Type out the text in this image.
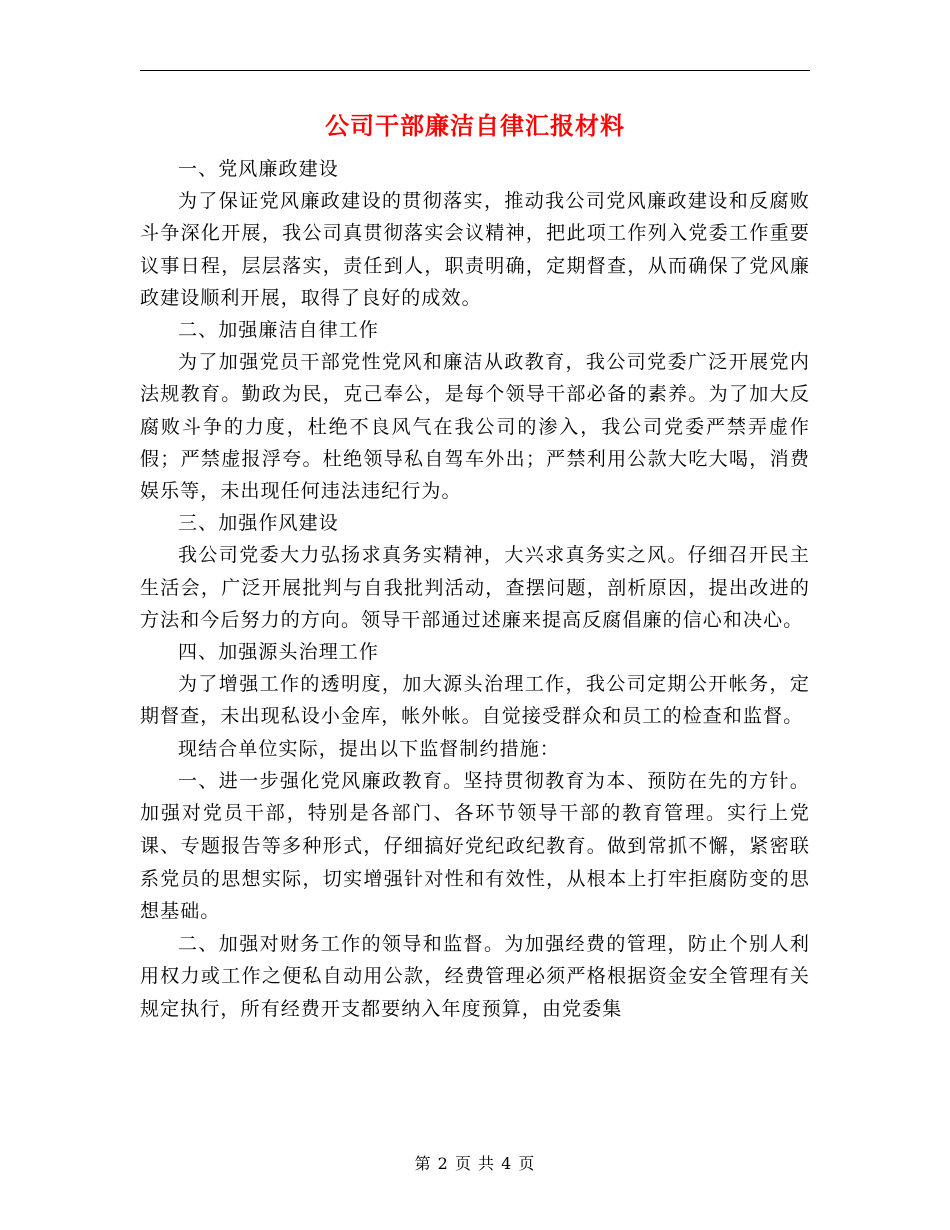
公司干部廉洁自律汇报材料

一、党风廉政建设

为了保证党风廉政建设的贯彻落实，推动我公司党风廉政建设和反腐败斗争深化开展，我公司真贯彻落实会议精神，把此项工作列入党委工作重要议事日程，层层落实，责任到人，职责明确，定期督查，从而确保了党风廉政建设顺利开展，取得了良好的成效。

二、加强廉洁自律工作

为了加强党员干部党性党风和廉洁从政教育，我公司党委广泛开展党内法规教育。勤政为民，克己奉公，是每个领导干部必备的素养。为了加大反腐败斗争的力度，杜绝不良风气在我公司的渗入，我公司党委严禁弄虚作假；严禁虚报浮夸。杜绝领导私自驾车外出；严禁利用公款大吃大喝，消费娱乐等，未出现任何违法违纪行为。

三、加强作风建设

我公司党委大力弘扬求真务实精神，大兴求真务实之风。仔细召开民主生活会，广泛开展批判与自我批判活动，查摆问题，剖析原因，提出改进的方法和今后努力的方向。领导干部通过述廉来提高反腐倡廉的信心和决心。

四、加强源头治理工作

为了增强工作的透明度，加大源头治理工作，我公司定期公开帐务，定期督查，未出现私设小金库，帐外帐。自觉接受群众和员工的检查和监督。

现结合单位实际，提出以下监督制约措施：

一、进一步强化党风廉政教育。坚持贯彻教育为本、预防在先的方针。加强对党员干部，特别是各部门、各环节领导干部的教育管理。实行上党课、专题报告等多种形式，仔细搞好党纪政纪教育。做到常抓不懈，紧密联系党员的思想实际，切实增强针对性和有效性，从根本上打牢拒腐防变的思想基础。

二、加强对财务工作的领导和监督。为加强经费的管理，防止个别人利用权力或工作之便私自动用公款，经费管理必须严格根据资金安全管理有关规定执行，所有经费开支都要纳入年度预算，由党委集

第 2 页 共 4 页
